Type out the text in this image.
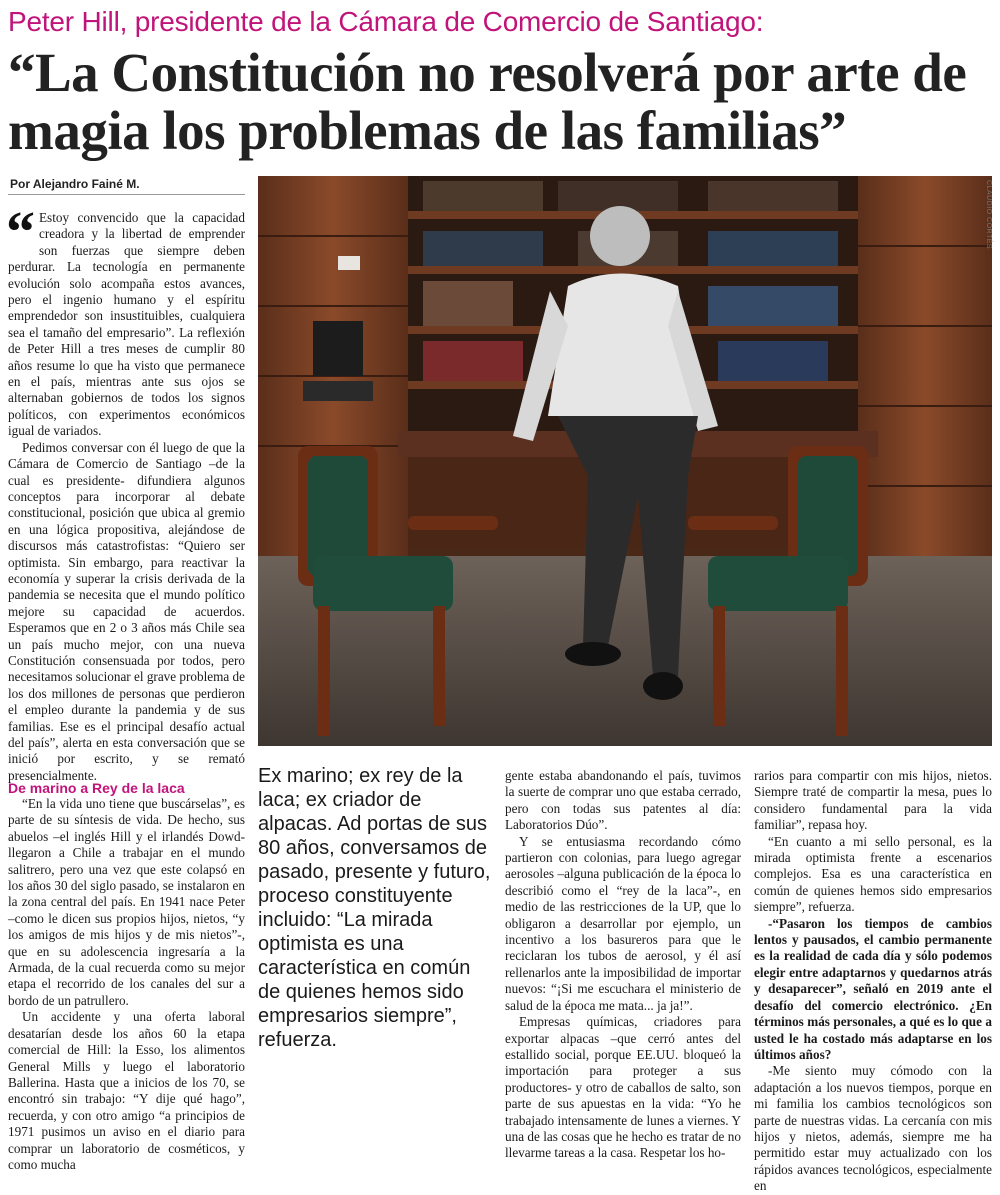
Peter Hill, presidente de la Cámara de Comercio de Santiago:
“La Constitución no resolverá por arte de magia los problemas de las familias”
Por Alejandro Fainé M.
“ Estoy convencido que la capacidad creadora y la libertad de emprender son fuerzas que siempre deben perdurar. La tecnología en permanente evolución solo acompaña estos avances, pero el ingenio humano y el espíritu emprendedor son insustituibles, cualquiera sea el tamaño del empresario”. La reflexión de Peter Hill a tres meses de cumplir 80 años resume lo que ha visto que permanece en el país, mientras ante sus ojos se alternaban gobiernos de todos los signos políticos, con experimentos económicos igual de variados.

Pedimos conversar con él luego de que la Cámara de Comercio de Santiago –de la cual es presidente- difundiera algunos conceptos para incorporar al debate constitucional, posición que ubica al gremio en una lógica propositiva, alejándose de discursos más catastrofistas: “Quiero ser optimista. Sin embargo, para reactivar la economía y superar la crisis derivada de la pandemia se necesita que el mundo político mejore su capacidad de acuerdos. Esperamos que en 2 o 3 años más Chile sea un país mucho mejor, con una nueva Constitución consensuada por todos, pero necesitamos solucionar el grave problema de los dos millones de personas que perdieron el empleo durante la pandemia y de sus familias. Ese es el principal desafío actual del país”, alerta en esta conversación que se inició por escrito, y se remató presencialmente.

De marino a Rey de la laca

“En la vida uno tiene que buscárselas”, es parte de su síntesis de vida. De hecho, sus abuelos –el inglés Hill y el irlandés Dowd- llegaron a Chile a trabajar en el mundo salitrero, pero una vez que este colapsó en los años 30 del siglo pasado, se instalaron en la zona central del país. En 1941 nace Peter –como le dicen sus propios hijos, nietos, “y los amigos de mis hijos y de mis nietos”-, que en su adolescencia ingresaría a la Armada, de la cual recuerda como su mejor etapa el recorrido de los canales del sur a bordo de un patrullero.

Un accidente y una oferta laboral desatarían desde los años 60 la etapa comercial de Hill: la Esso, los alimentos General Mills y luego el laboratorio Ballerina. Hasta que a inicios de los 70, se encontró sin trabajo: “Y dije qué hago”, recuerda, y con otro amigo “a principios de 1971 pusimos un aviso en el diario para comprar un laboratorio de cosméticos, y como mucha

CLAUDIO CORTÉS
Ex marino; ex rey de la laca; ex criador de alpacas. Ad portas de sus 80 años, conversamos de pasado, presente y futuro, proceso constituyente incluido: “La mirada optimista es una característica en común de quienes hemos sido empresarios siempre”, refuerza.

gente estaba abandonando el país, tuvimos la suerte de comprar uno que estaba cerrado, pero con todas sus patentes al día: Laboratorios Dúo”.

Y se entusiasma recordando cómo partieron con colonias, para luego agregar aerosoles –alguna publicación de la época lo describió como el “rey de la laca”-, en medio de las restricciones de la UP, que lo obligaron a desarrollar por ejemplo, un incentivo a los basureros para que le reciclaran los tubos de aerosol, y él así rellenarlos ante la imposibilidad de importar nuevos: “¡Si me escuchara el ministerio de salud de la época me mata... ja ja!”.

Empresas químicas, criadores para exportar alpacas –que cerró antes del estallido social, porque EE.UU. bloqueó la importación para proteger a sus productores- y otro de caballos de salto, son parte de sus apuestas en la vida: “Yo he trabajado intensamente de lunes a viernes. Y una de las cosas que he hecho es tratar de no llevarme tareas a la casa. Respetar los ho-

rarios para compartir con mis hijos, nietos. Siempre traté de compartir la mesa, pues lo considero fundamental para la vida familiar”, repasa hoy.

“En cuanto a mi sello personal, es la mirada optimista frente a escenarios complejos. Esa es una característica en común de quienes hemos sido empresarios siempre”, refuerza.

-“Pasaron los tiempos de cambios lentos y pausados, el cambio permanente es la realidad de cada día y sólo podemos elegir entre adaptarnos y quedarnos atrás y desaparecer”, señaló en 2019 ante el desafío del comercio electrónico. ¿En términos más personales, a qué es lo que a usted le ha costado más adaptarse en los últimos años?

-Me siento muy cómodo con la adaptación a los nuevos tiempos, porque en mi familia los cambios tecnológicos son parte de nuestras vidas. La cercanía con mis hijos y nietos, además, siempre me ha permitido estar muy actualizado con los rápidos avances tecnológicos, especialmente en
